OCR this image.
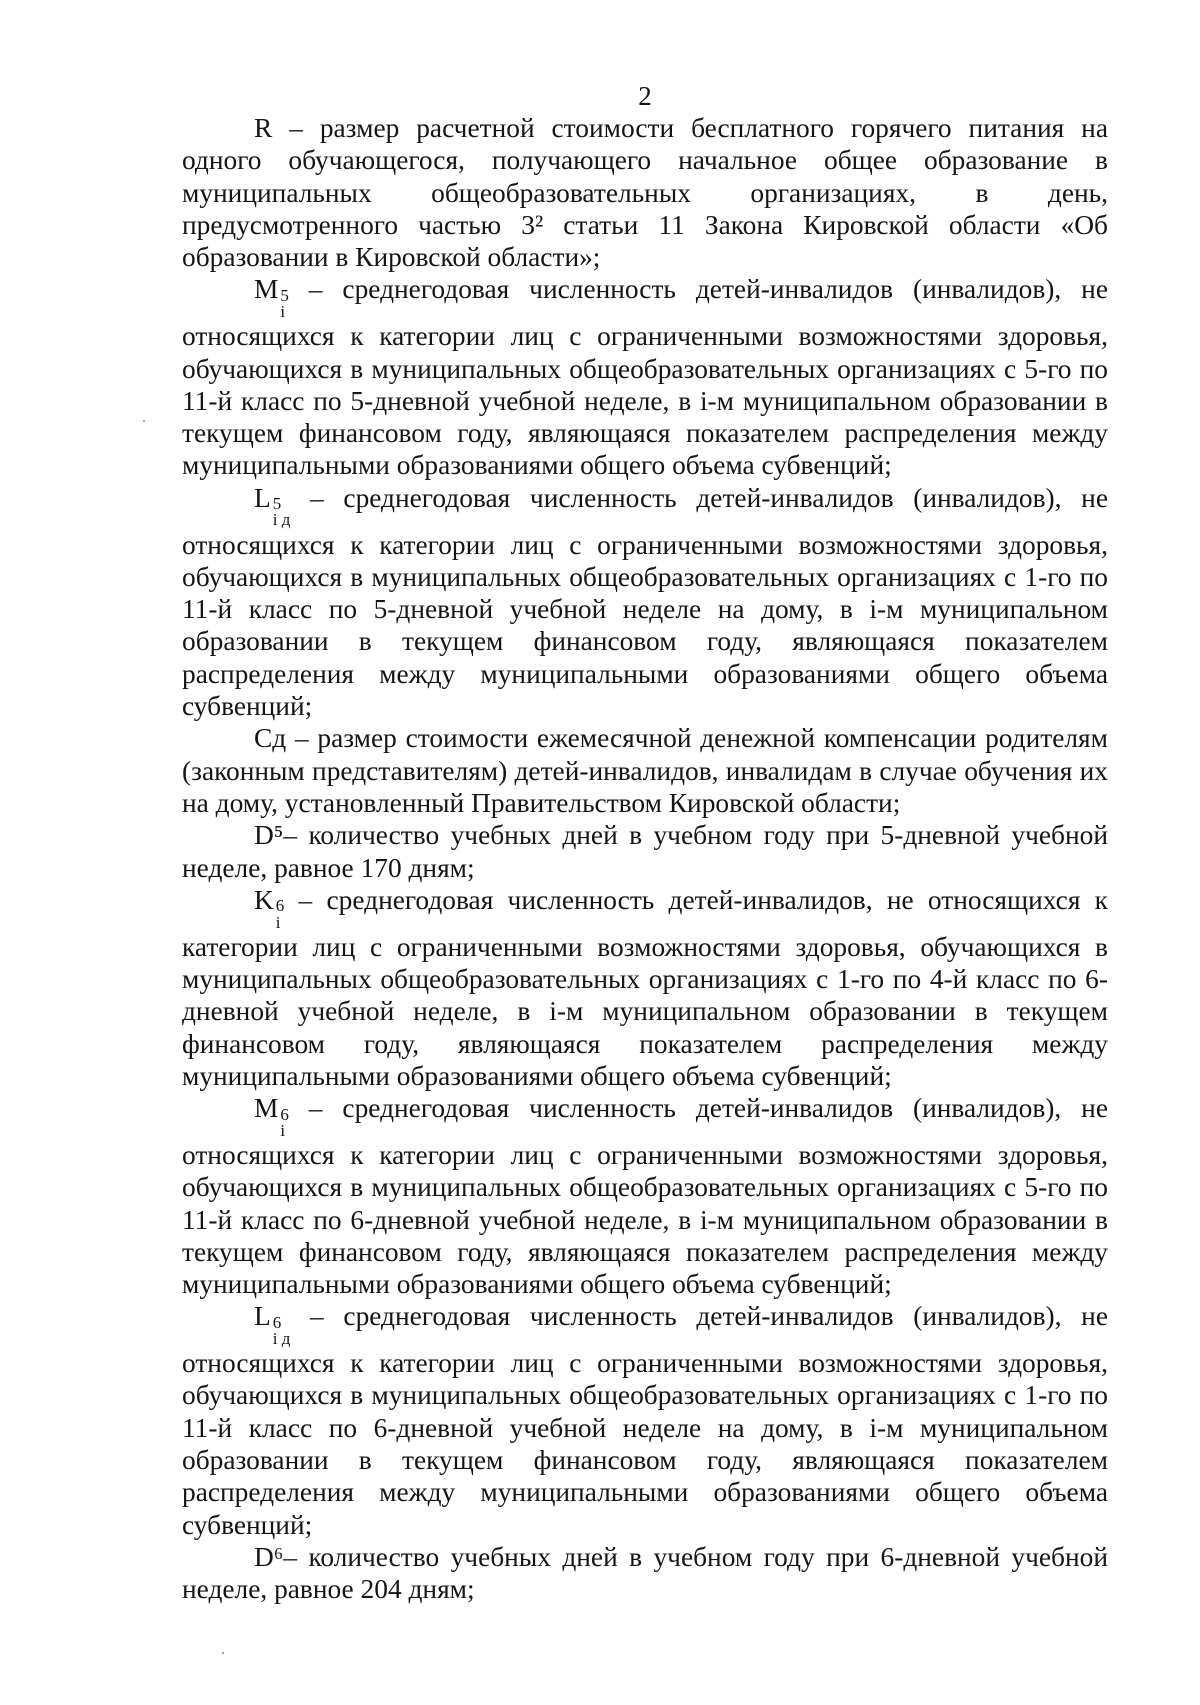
2

R – размер расчетной стоимости бесплатного горячего питания на одного обучающегося, получающего начальное общее образование в муниципальных общеобразовательных организациях, в день, предусмотренного частью 3² статьи 11 Закона Кировской области «Об образовании в Кировской области»;

M 5
i
– среднегодовая численность детей-инвалидов (инвалидов), не относящихся к категории лиц с ограниченными возможностями здоровья, обучающихся в муниципальных общеобразовательных организациях с 5-го по 11-й класс по 5-дневной учебной неделе, в i-м муниципальном образовании в текущем финансовом году, являющаяся показателем распределения между муниципальными образованиями общего объема субвенций;

L 5
i д
– среднегодовая численность детей-инвалидов (инвалидов), не относящихся к категории лиц с ограниченными возможностями здоровья, обучающихся в муниципальных общеобразовательных организациях с 1-го по 11-й класс по 5-дневной учебной неделе на дому, в i-м муниципальном образовании в текущем финансовом году, являющаяся показателем распределения между муниципальными образованиями общего объема субвенций;

Cд – размер стоимости ежемесячной денежной компенсации родителям (законным представителям) детей-инвалидов, инвалидам в случае обучения их на дому, установленный Правительством Кировской области;

D⁵– количество учебных дней в учебном году при 5-дневной учебной неделе, равное 170 дням;

K 6
i
– среднегодовая численность детей-инвалидов, не относящихся к категории лиц с ограниченными возможностями здоровья, обучающихся в муниципальных общеобразовательных организациях с 1-го по 4-й класс по 6-дневной учебной неделе, в i-м муниципальном образовании в текущем финансовом году, являющаяся показателем распределения между муниципальными образованиями общего объема субвенций;

M 6
i
– среднегодовая численность детей-инвалидов (инвалидов), не относящихся к категории лиц с ограниченными возможностями здоровья, обучающихся в муниципальных общеобразовательных организациях с 5-го по 11-й класс по 6-дневной учебной неделе, в i-м муниципальном образовании в текущем финансовом году, являющаяся показателем распределения между муниципальными образованиями общего объема субвенций;

L 6
i д
– среднегодовая численность детей-инвалидов (инвалидов), не относящихся к категории лиц с ограниченными возможностями здоровья, обучающихся в муниципальных общеобразовательных организациях с 1-го по 11-й класс по 6-дневной учебной неделе на дому, в i-м муниципальном образовании в текущем финансовом году, являющаяся показателем распределения между муниципальными образованиями общего объема субвенций;

D⁶– количество учебных дней в учебном году при 6-дневной учебной неделе, равное 204 дням;
